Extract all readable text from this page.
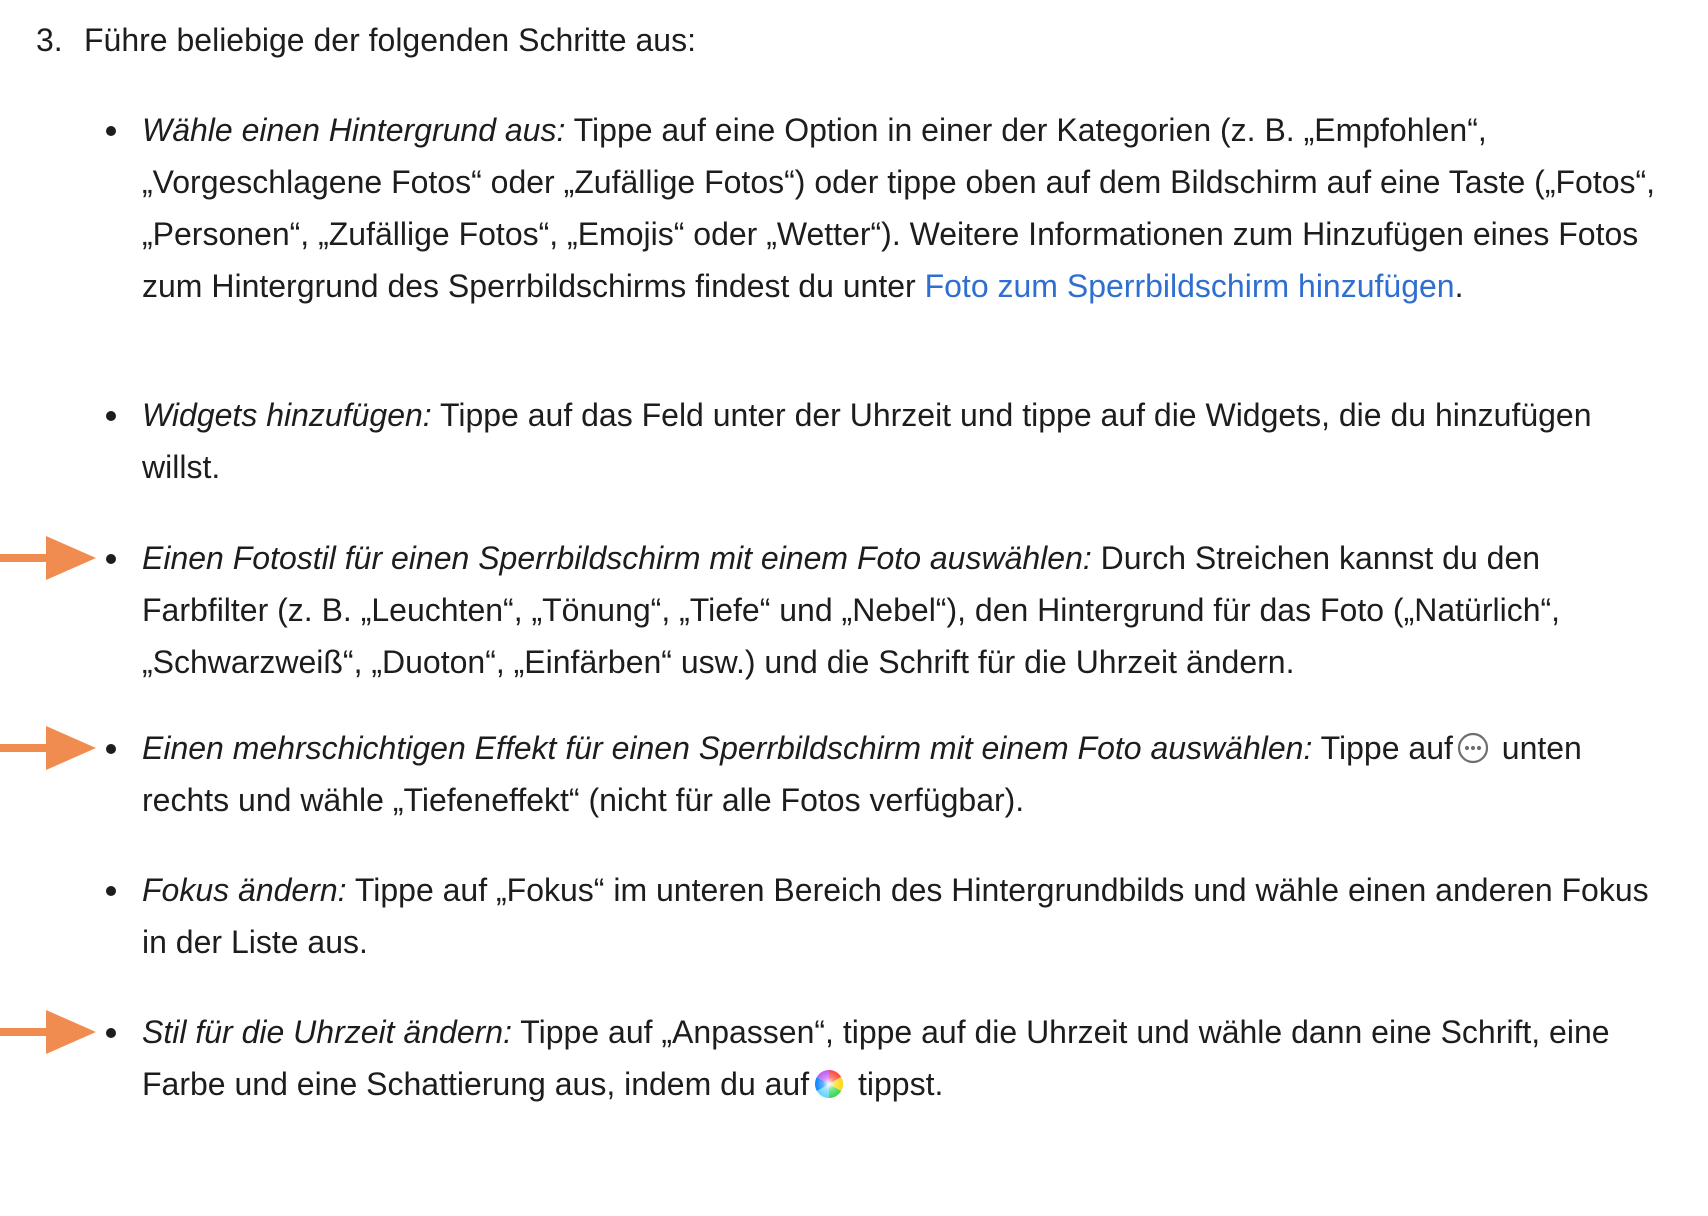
3. Führe beliebige der folgenden Schritte aus:

Wähle einen Hintergrund aus: Tippe auf eine Option in einer der Kategorien (z. B. „Empfohlen“, „Vorgeschlagene Fotos“ oder „Zufällige Fotos“) oder tippe oben auf dem Bildschirm auf eine Taste („Fotos“, „Personen“, „Zufällige Fotos“, „Emojis“ oder „Wetter“). Weitere Informationen zum Hinzufügen eines Fotos zum Hintergrund des Sperrbildschirms findest du unter Foto zum Sperrbildschirm hinzufügen.

Widgets hinzufügen: Tippe auf das Feld unter der Uhrzeit und tippe auf die Widgets, die du hinzufügen willst.

Einen Fotostil für einen Sperrbildschirm mit einem Foto auswählen: Durch Streichen kannst du den Farbfilter (z. B. „Leuchten“, „Tönung“, „Tiefe“ und „Nebel“), den Hintergrund für das Foto („Natürlich“, „Schwarzweiß“, „Duoton“, „Einfärben“ usw.) und die Schrift für die Uhrzeit ändern.

Einen mehrschichtigen Effekt für einen Sperrbildschirm mit einem Foto auswählen: Tippe auf unten rechts und wähle „Tiefeneffekt“ (nicht für alle Fotos verfügbar).

Fokus ändern: Tippe auf „Fokus“ im unteren Bereich des Hintergrundbilds und wähle einen anderen Fokus in der Liste aus.

Stil für die Uhrzeit ändern: Tippe auf „Anpassen“, tippe auf die Uhrzeit und wähle dann eine Schrift, eine Farbe und eine Schattierung aus, indem du auf tippst.
